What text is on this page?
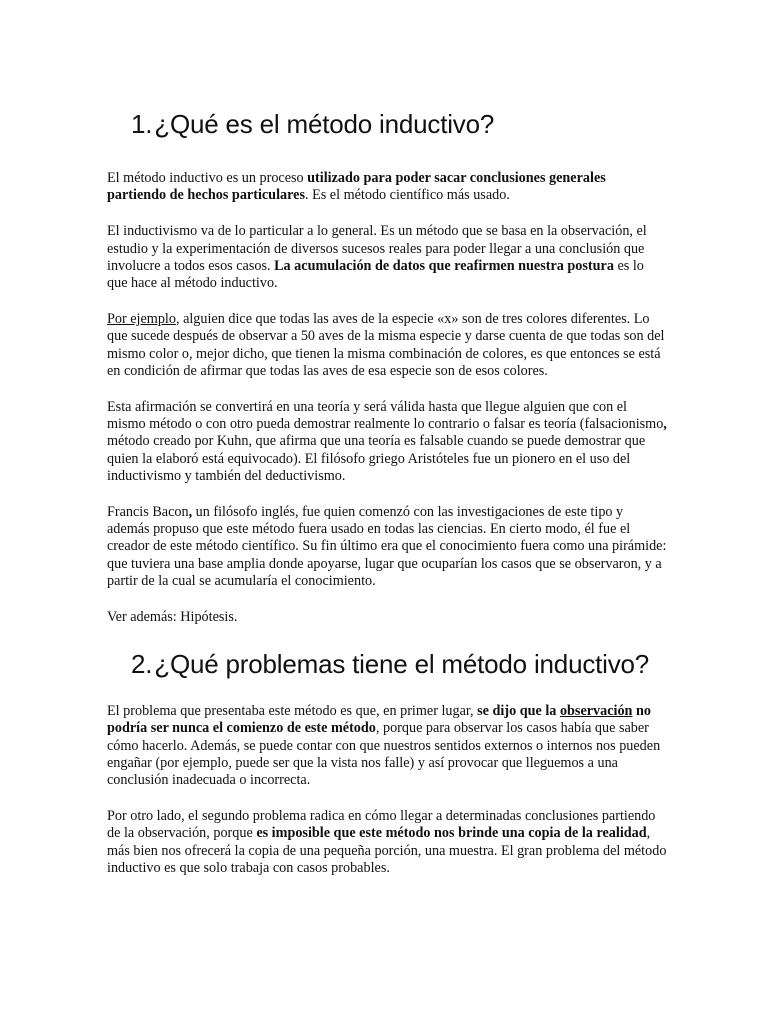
1.¿Qué es el método inductivo?

El método inductivo es un proceso utilizado para poder sacar conclusiones generales partiendo de hechos particulares. Es el método científico más usado.

El inductivismo va de lo particular a lo general. Es un método que se basa en la observación, el estudio y la experimentación de diversos sucesos reales para poder llegar a una conclusión que involucre a todos esos casos. La acumulación de datos que reafirmen nuestra postura es lo que hace al método inductivo.

Por ejemplo, alguien dice que todas las aves de la especie «x» son de tres colores diferentes. Lo que sucede después de observar a 50 aves de la misma especie y darse cuenta de que todas son del mismo color o, mejor dicho, que tienen la misma combinación de colores, es que entonces se está en condición de afirmar que todas las aves de esa especie son de esos colores.

Esta afirmación se convertirá en una teoría y será válida hasta que llegue alguien que con el mismo método o con otro pueda demostrar realmente lo contrario o falsar es teoría (falsacionismo, método creado por Kuhn, que afirma que una teoría es falsable cuando se puede demostrar que quien la elaboró está equivocado). El filósofo griego Aristóteles fue un pionero en el uso del inductivismo y también del deductivismo.

Francis Bacon, un filósofo inglés, fue quien comenzó con las investigaciones de este tipo y además propuso que este método fuera usado en todas las ciencias. En cierto modo, él fue el creador de este método científico. Su fin último era que el conocimiento fuera como una pirámide: que tuviera una base amplia donde apoyarse, lugar que ocuparían los casos que se observaron, y a partir de la cual se acumularía el conocimiento.

Ver además: Hipótesis.

2.¿Qué problemas tiene el método inductivo?

El problema que presentaba este método es que, en primer lugar, se dijo que la observación no podría ser nunca el comienzo de este método, porque para observar los casos había que saber cómo hacerlo. Además, se puede contar con que nuestros sentidos externos o internos nos pueden engañar (por ejemplo, puede ser que la vista nos falle) y así provocar que lleguemos a una conclusión inadecuada o incorrecta.

Por otro lado, el segundo problema radica en cómo llegar a determinadas conclusiones partiendo de la observación, porque es imposible que este método nos brinde una copia de la realidad, más bien nos ofrecerá la copia de una pequeña porción, una muestra. El gran problema del método inductivo es que solo trabaja con casos probables.
